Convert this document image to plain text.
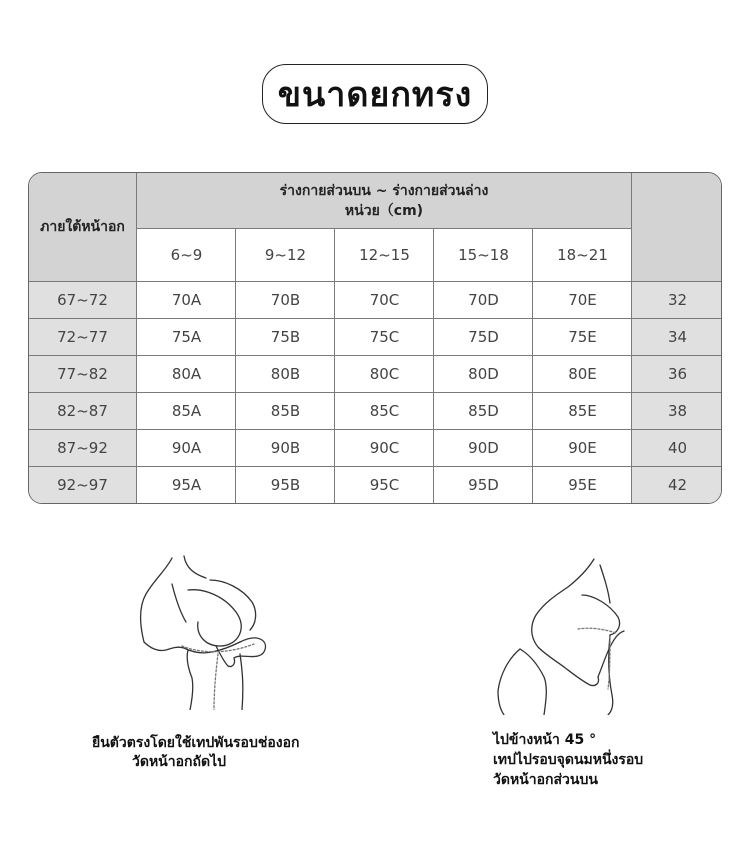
ขนาดยกทรง
ภายใต้หน้าอก
ร่างกายส่วนบน ~ ร่างกายส่วนล่าง
หน่วย（cm)
6~9	9~12	12~15	15~18	18~21
67~72	70A	70B	70C	70D	70E	32
72~77	75A	75B	75C	75D	75E	34
77~82	80A	80B	80C	80D	80E	36
82~87	85A	85B	85C	85D	85E	38
87~92	90A	90B	90C	90D	90E	40
92~97	95A	95B	95C	95D	95E	42
ยืนตัวตรงโดยใช้เทปพันรอบช่องอก
วัดหน้าอกถัดไป
ไปข้างหน้า 45 °
เทปไปรอบจุดนมหนึ่งรอบ
วัดหน้าอกส่วนบน
